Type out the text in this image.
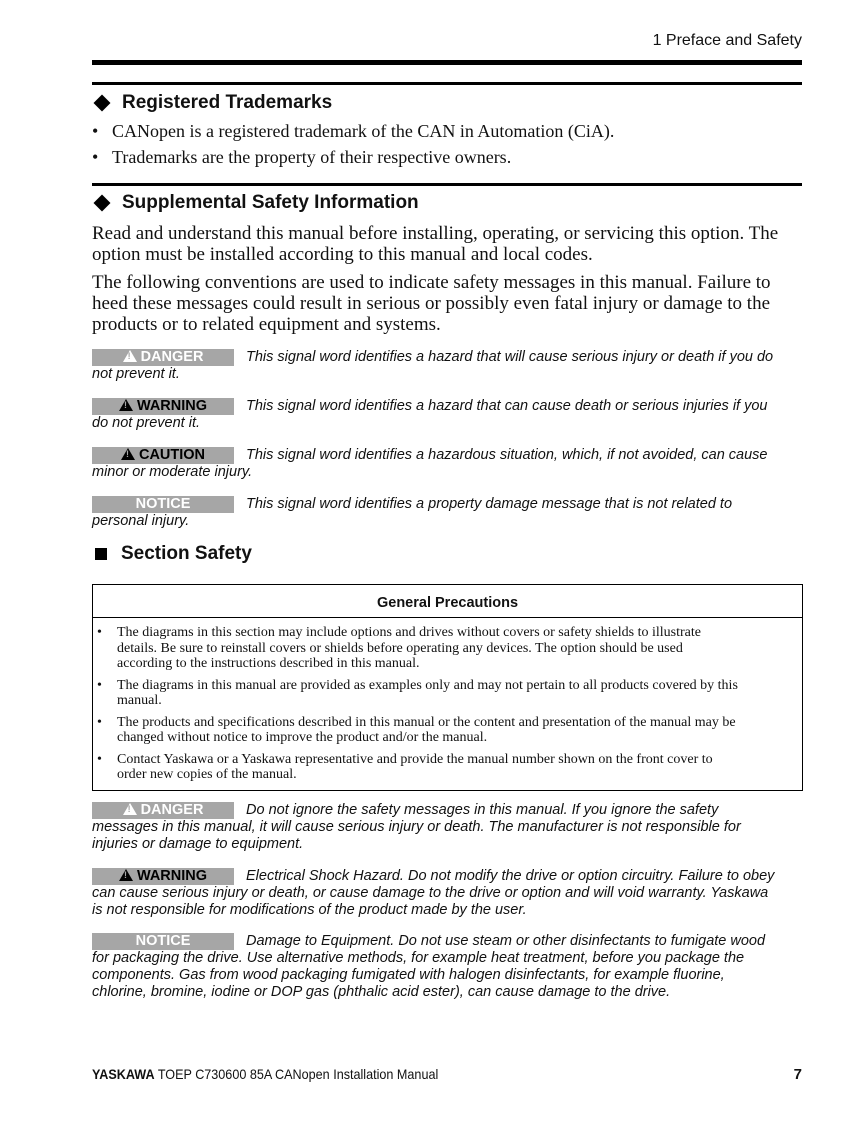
1 Preface and Safety
Registered Trademarks
• CANopen is a registered trademark of the CAN in Automation (CiA).
• Trademarks are the property of their respective owners.
Supplemental Safety Information
Read and understand this manual before installing, operating, or servicing this option. The
option must be installed according to this manual and local codes.
The following conventions are used to indicate safety messages in this manual. Failure to
heed these messages could result in serious or possibly even fatal injury or damage to the
products or to related equipment and systems.
!DANGER	This signal word identifies a hazard that will cause serious injury or death if you do
not prevent it.
!WARNING	This signal word identifies a hazard that can cause death or serious injuries if you
do not prevent it.
!CAUTION	This signal word identifies a hazardous situation, which, if not avoided, can cause
minor or moderate injury.
NOTICE	This signal word identifies a property damage message that is not related to
personal injury.
Section Safety
General Precautions
•	The diagrams in this section may include options and drives without covers or safety shields to illustrate
details. Be sure to reinstall covers or shields before operating any devices. The option should be used
according to the instructions described in this manual.
•	The diagrams in this manual are provided as examples only and may not pertain to all products covered by this
manual.
•	The products and specifications described in this manual or the content and presentation of the manual may be
changed without notice to improve the product and/or the manual.
•	Contact Yaskawa or a Yaskawa representative and provide the manual number shown on the front cover to
order new copies of the manual.
!DANGER	Do not ignore the safety messages in this manual. If you ignore the safety
messages in this manual, it will cause serious injury or death. The manufacturer is not responsible for
injuries or damage to equipment.
!WARNING	Electrical Shock Hazard. Do not modify the drive or option circuitry. Failure to obey
can cause serious injury or death, or cause damage to the drive or option and will void warranty. Yaskawa
is not responsible for modifications of the product made by the user.
NOTICE	Damage to Equipment. Do not use steam or other disinfectants to fumigate wood
for packaging the drive. Use alternative methods, for example heat treatment, before you package the
components. Gas from wood packaging fumigated with halogen disinfectants, for example fluorine,
chlorine, bromine, iodine or DOP gas (phthalic acid ester), can cause damage to the drive.
YASKAWA TOEP C730600 85A CANopen Installation Manual	7
